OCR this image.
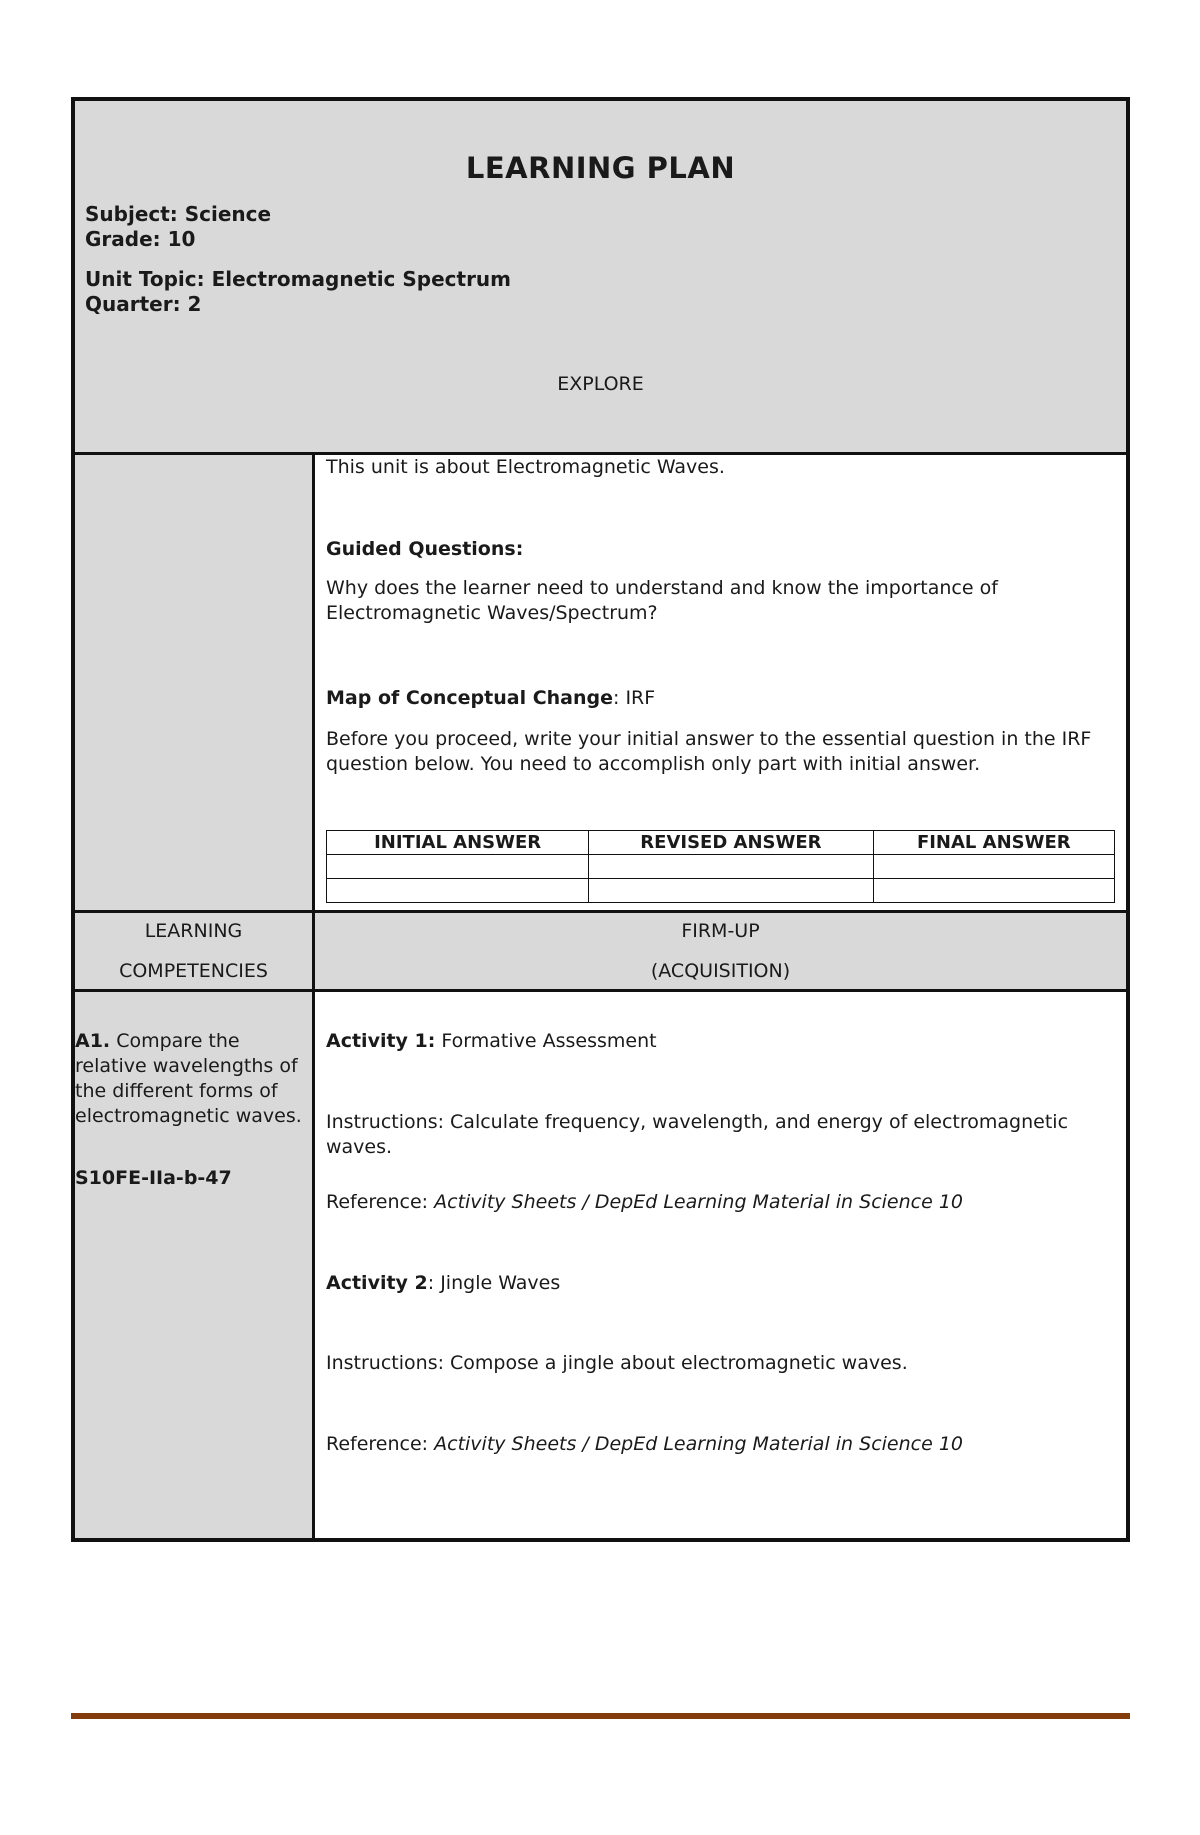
LEARNING PLAN
Subject: Science
Grade: 10
Unit Topic: Electromagnetic Spectrum
Quarter: 2
EXPLORE
This unit is about Electromagnetic Waves.
Guided Questions:
Why does the learner need to understand and know the importance of Electromagnetic Waves/Spectrum?
Map of Conceptual Change: IRF
Before you proceed, write your initial answer to the essential question in the IRF question below. You need to accomplish only part with initial answer.
INITIAL ANSWER	REVISED ANSWER	FINAL ANSWER

LEARNING
COMPETENCIES
FIRM-UP
(ACQUISITION)
A1. Compare the relative wavelengths of the different forms of electromagnetic waves.
S10FE-IIa-b-47
Activity 1: Formative Assessment
Instructions: Calculate frequency, wavelength, and energy of electromagnetic waves.
Reference: Activity Sheets / DepEd Learning Material in Science 10
Activity 2: Jingle Waves
Instructions: Compose a jingle about electromagnetic waves.
Reference: Activity Sheets / DepEd Learning Material in Science 10
